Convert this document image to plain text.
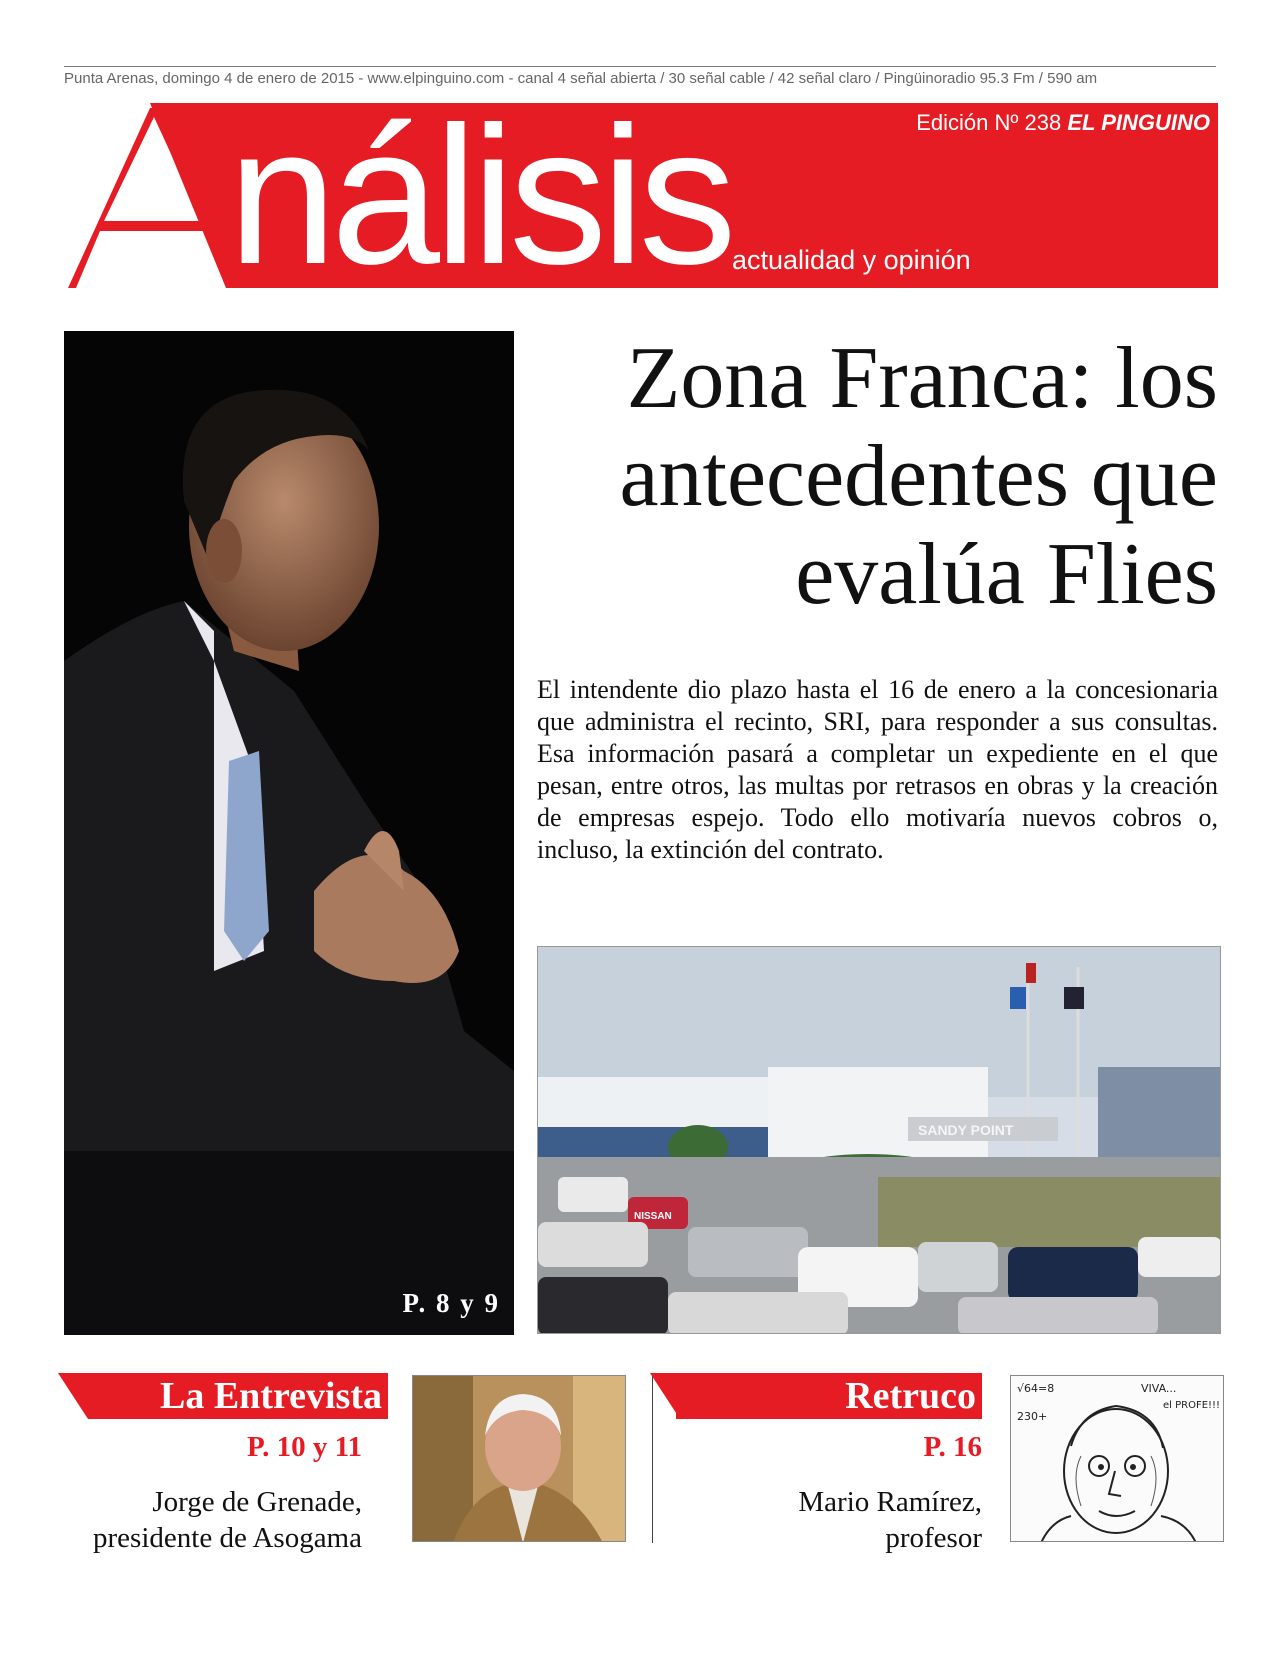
Punta Arenas, domingo 4 de enero de 2015 - www.elpinguino.com - canal 4 señal abierta / 30 señal cable / 42 señal claro / Pingüinoradio 95.3 Fm / 590 am
nálisis	Edición Nº 238 EL PINGUINO
actualidad y opinión
P. 8 y 9
Zona Franca: los antecedentes que evalúa Flies

El intendente dio plazo hasta el 16 de enero a la concesionaria que administra el recinto, SRI, para responder a sus consultas. Esa información pasará a completar un expediente en el que pesan, entre otros, las multas por retrasos en obras y la creación de empresas espejo. Todo ello motivaría nuevos cobros o, incluso, la extinción del contrato.

SANDY POINT
NISSAN
La Entrevista
P. 10 y 11

Jorge de Grenade,
presidente de Asogama

Retruco
P. 16

Mario Ramírez,
profesor

VIVA...
el PROFE!!!
√64=8
230+
